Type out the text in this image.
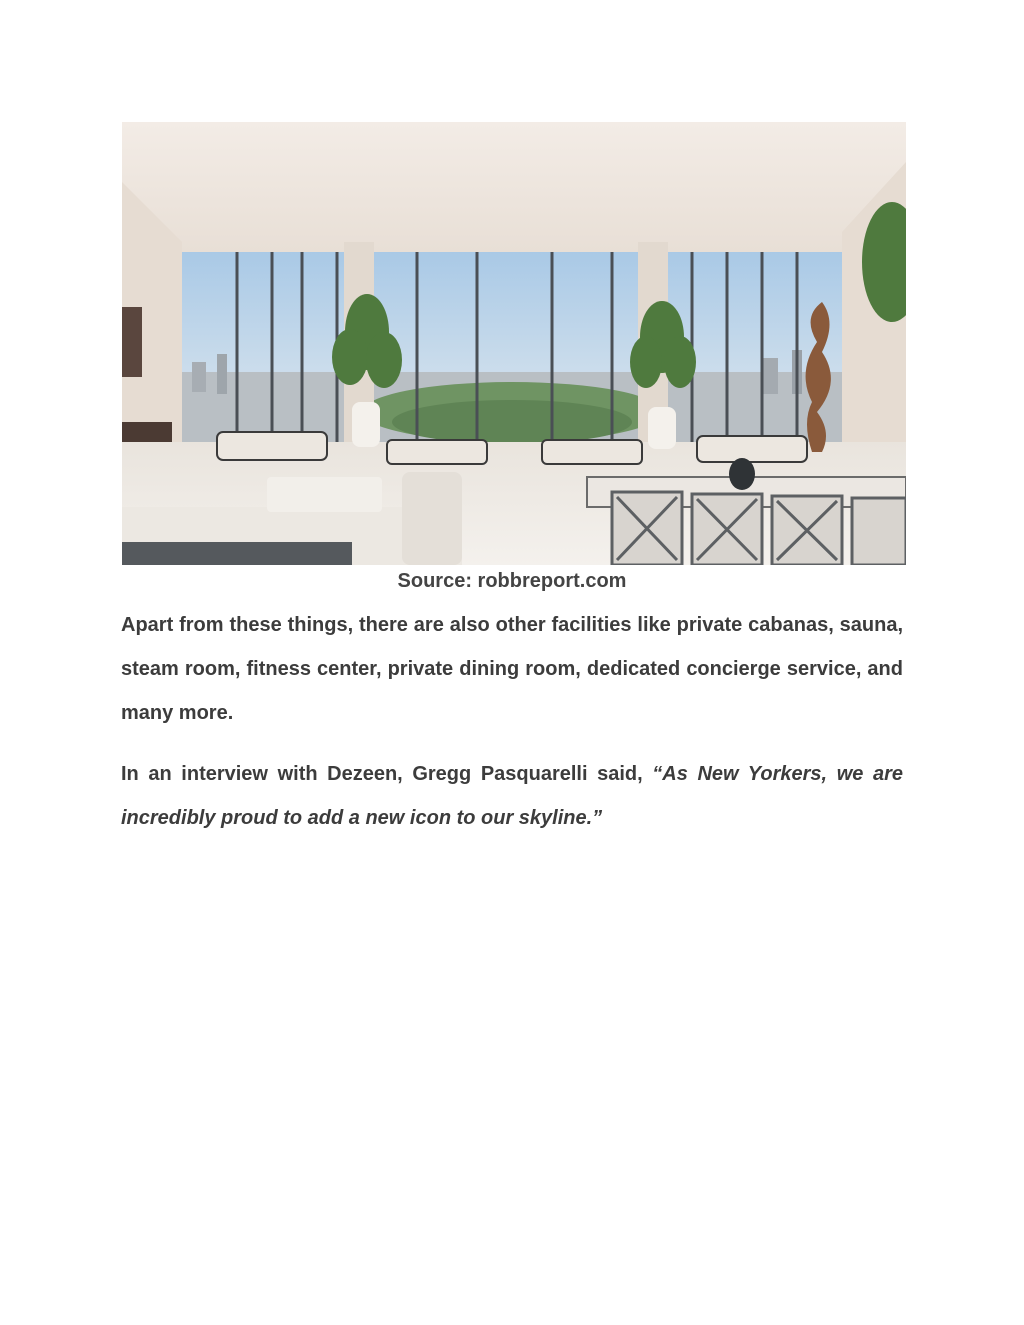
Source: robbreport.com

Apart from these things, there are also other facilities like private cabanas, sauna, steam room, fitness center, private dining room, dedicated concierge service, and many more.

In an interview with Dezeen, Gregg Pasquarelli said, “As New Yorkers, we are incredibly proud to add a new icon to our skyline.”
